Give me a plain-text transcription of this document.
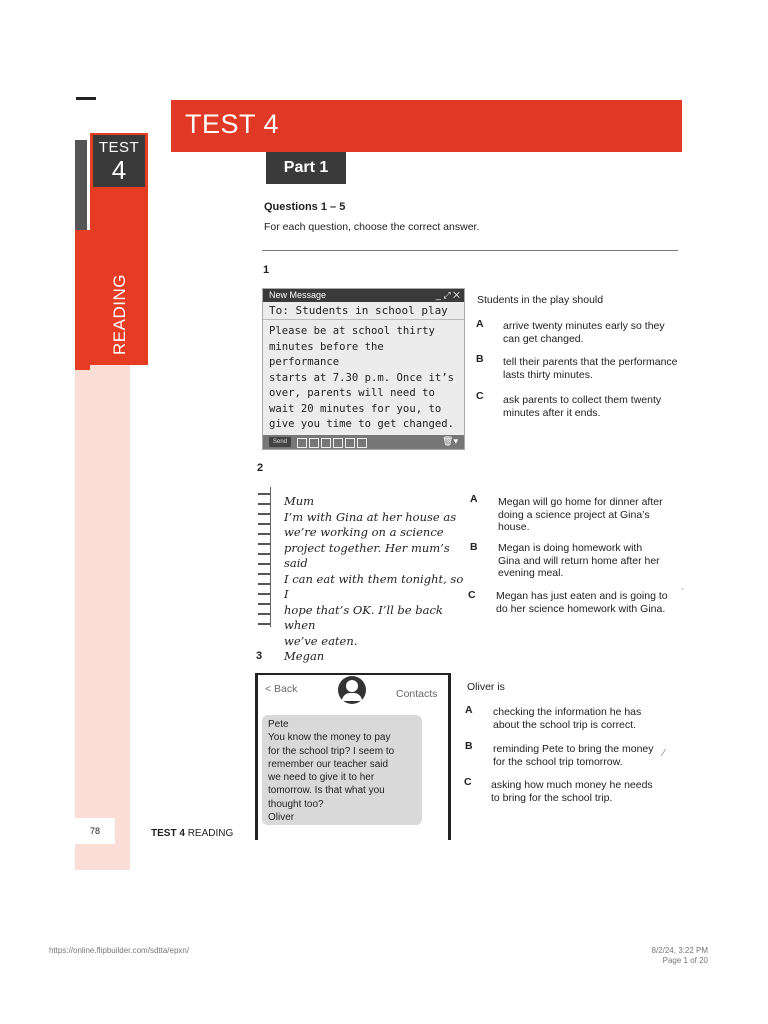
TEST
4
READING
TEST 4
Part 1
Questions 1 – 5
For each question, choose the correct answer.
1
New Message	_ ⤢ ✕
To: Students in school play
Please be at school thirty
minutes before the performance
starts at 7.30 p.m. Once it’s
over, parents will need to
wait 20 minutes for you, to
give you time to get changed.
Send	🗑▾
Students in the play should
A arrive twenty minutes early so they can get changed.
B tell their parents that the performance lasts thirty minutes.
C ask parents to collect them twenty minutes after it ends.
2
Mum
I’m with Gina at her house as
we’re working on a science
project together. Her mum’s said
I can eat with them tonight, so I
hope that’s OK. I’ll be back when
we’ve eaten.
Megan
A Megan will go home for dinner after doing a science project at Gina’s house.
B Megan is doing homework with Gina and will return home after her evening meal.
C Megan has just eaten and is going to do her science homework with Gina.
3
< Back	Contacts
Pete
You know the money to pay
for the school trip? I seem to
remember our teacher said
we need to give it to her
tomorrow. Is that what you
thought too?
Oliver
Oliver is
A checking the information he has about the school trip is correct.
B reminding Pete to bring the money for the school trip tomorrow.
C asking how much money he needs to bring for the school trip.
´
⁄
78	TEST 4 READING
https://online.flipbuilder.com/sdtta/epxn/	8/2/24, 3:22 PM
Page 1 of 20
